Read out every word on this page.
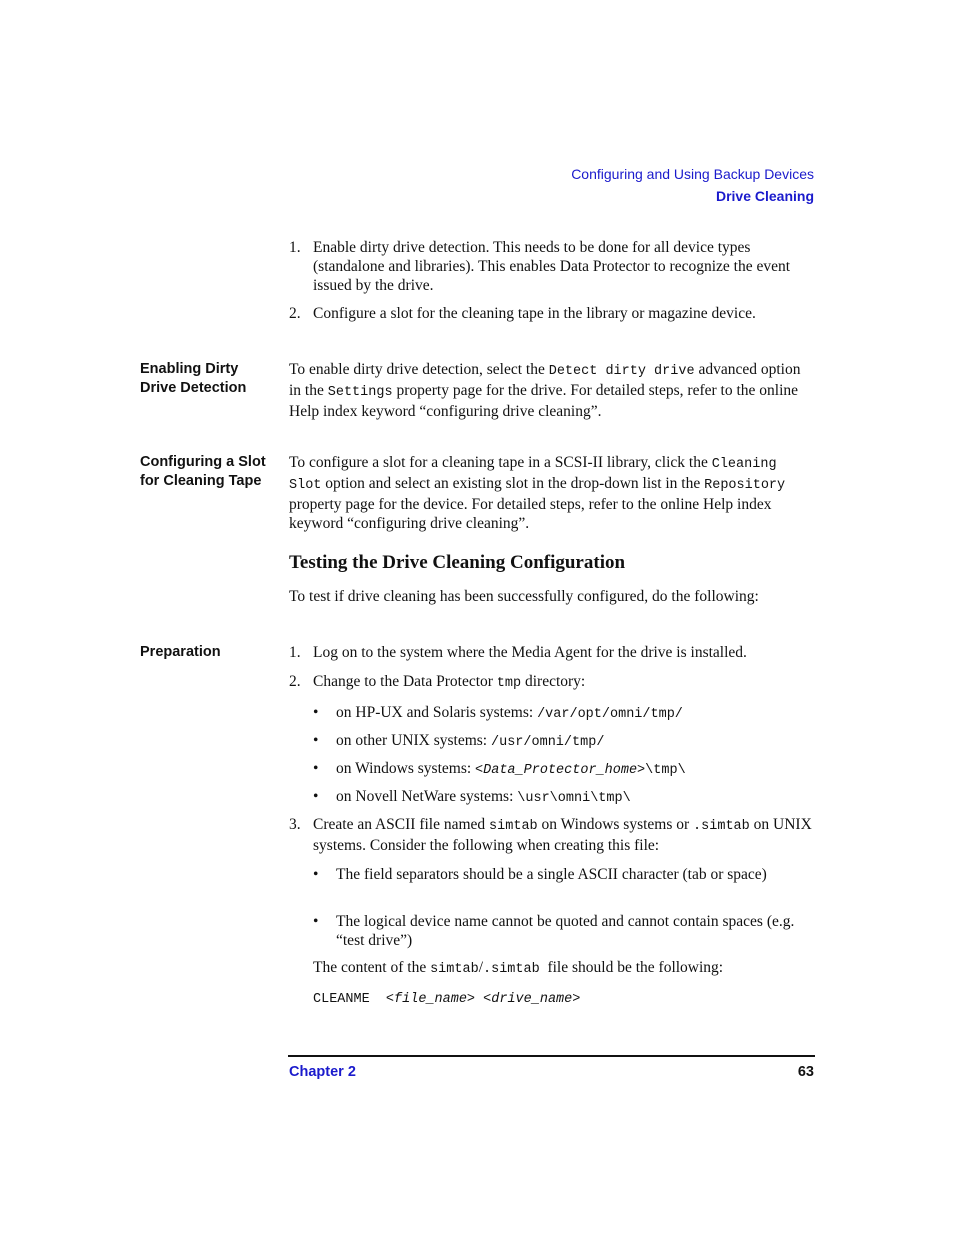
Configuring and Using Backup Devices
Drive Cleaning
1. Enable dirty drive detection. This needs to be done for all device types (standalone and libraries). This enables Data Protector to recognize the event issued by the drive.
2. Configure a slot for the cleaning tape in the library or magazine device.
Enabling Dirty
Drive Detection
To enable dirty drive detection, select the Detect dirty drive advanced option in the Settings property page for the drive. For detailed steps, refer to the online Help index keyword “configuring drive cleaning”.
Configuring a Slot
for Cleaning Tape
To configure a slot for a cleaning tape in a SCSI-II library, click the Cleaning Slot option and select an existing slot in the drop-down list in the Repository property page for the device. For detailed steps, refer to the online Help index keyword “configuring drive cleaning”.
Testing the Drive Cleaning Configuration
To test if drive cleaning has been successfully configured, do the following:
Preparation	1. Log on to the system where the Media Agent for the drive is installed.
2. Change to the Data Protector tmp directory:
• on HP-UX and Solaris systems: /var/opt/omni/tmp/
• on other UNIX systems: /usr/omni/tmp/
• on Windows systems: <Data_Protector_home>\tmp\
• on Novell NetWare systems: \usr\omni\tmp\
3. Create an ASCII file named simtab on Windows systems or .simtab on UNIX systems. Consider the following when creating this file:
• The field separators should be a single ASCII character (tab or space)
• The logical device name cannot be quoted and cannot contain spaces (e.g. “test drive”)
The content of the simtab/.simtab  file should be the following:
CLEANME  <file_name> <drive_name>
Chapter 2	63
